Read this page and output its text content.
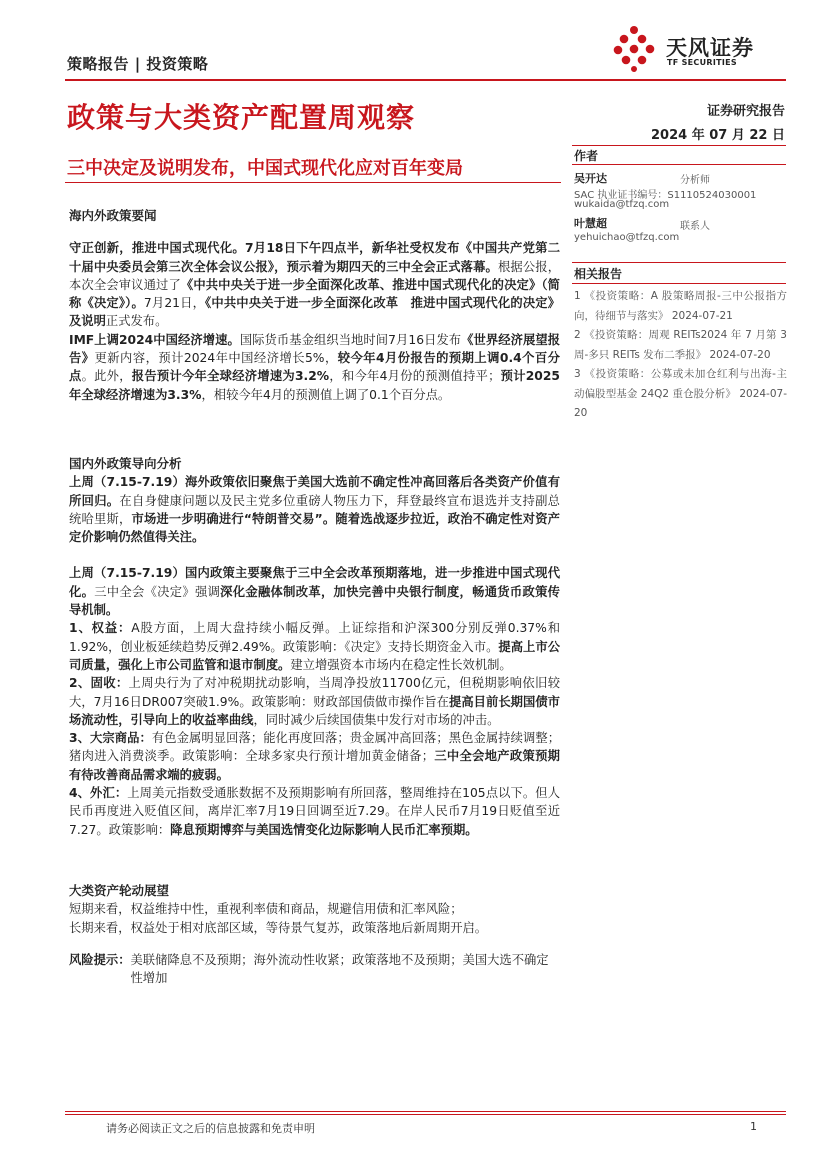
策略报告 | 投资策略
天风证券
TF SECURITIES
政策与大类资产配置周观察
三中决定及说明发布，中国式现代化应对百年变局
证券研究报告
2024 年 07 月 22 日
作者
吴开达	分析师
SAC 执业证书编号：S1110524030001
wukaida@tfzq.com
叶慧超	联系人
yehuichao@tfzq.com
相关报告

1 《投资策略：A 股策略周报-三中公报指方向，待细节与落实》 2024-07-21

2 《投资策略：周观 REITs2024 年 7 月第 3 周-多只 REITs 发布二季报》 2024-07-20

3 《投资策略：公募或未加仓红利与出海-主动偏股型基金 24Q2 重仓股分析》 2024-07-20

海内外政策要闻

守正创新，推进中国式现代化。7月18日下午四点半，新华社受权发布《中国共产党第二十届中央委员会第三次全体会议公报》，预示着为期四天的三中全会正式落幕。根据公报，本次全会审议通过了《中共中央关于进一步全面深化改革、推进中国式现代化的决定》（简称《决定》）。7月21日，《中共中央关于进一步全面深化改革　推进中国式现代化的决定》及说明正式发布。

IMF上调2024中国经济增速。国际货币基金组织当地时间7月16日发布《世界经济展望报告》更新内容，预计2024年中国经济增长5%，较今年4月份报告的预期上调0.4个百分点。此外，报告预计今年全球经济增速为3.2%，和今年4月份的预测值持平；预计2025年全球经济增速为3.3%，相较今年4月的预测值上调了0.1个百分点。

国内外政策导向分析

上周（7.15-7.19）海外政策依旧聚焦于美国大选前不确定性冲高回落后各类资产价值有所回归。在自身健康问题以及民主党多位重磅人物压力下，拜登最终宣布退选并支持副总统哈里斯，市场进一步明确进行“特朗普交易”。随着选战逐步拉近，政治不确定性对资产定价影响仍然值得关注。

上周（7.15-7.19）国内政策主要聚焦于三中全会改革预期落地，进一步推进中国式现代化。三中全会《决定》强调深化金融体制改革，加快完善中央银行制度，畅通货币政策传导机制。

1、权益：A股方面，上周大盘持续小幅反弹。上证综指和沪深300分别反弹0.37%和1.92%，创业板延续趋势反弹2.49%。政策影响：《决定》支持长期资金入市。提高上市公司质量，强化上市公司监管和退市制度。建立增强资本市场内在稳定性长效机制。

2、固收：上周央行为了对冲税期扰动影响，当周净投放11700亿元，但税期影响依旧较大，7月16日DR007突破1.9%。政策影响：财政部国债做市操作旨在提高目前长期国债市场流动性，引导向上的收益率曲线，同时减少后续国债集中发行对市场的冲击。

3、大宗商品：有色金属明显回落；能化再度回落；贵金属冲高回落；黑色金属持续调整；猪肉进入消费淡季。政策影响：全球多家央行预计增加黄金储备；三中全会地产政策预期有待改善商品需求端的疲弱。

4、外汇：上周美元指数受通胀数据不及预期影响有所回落，整周维持在105点以下。但人民币再度进入贬值区间，离岸汇率7月19日回调至近7.29。在岸人民币7月19日贬值至近7.27。政策影响：降息预期博弈与美国选情变化边际影响人民币汇率预期。

大类资产轮动展望

短期来看，权益维持中性，重视利率债和商品，规避信用债和汇率风险；

长期来看，权益处于相对底部区域，等待景气复苏，政策落地后新周期开启。

风险提示： 美联储降息不及预期；海外流动性收紧；政策落地不及预期；美国大选不确定性增加
请务必阅读正文之后的信息披露和免责申明	1
